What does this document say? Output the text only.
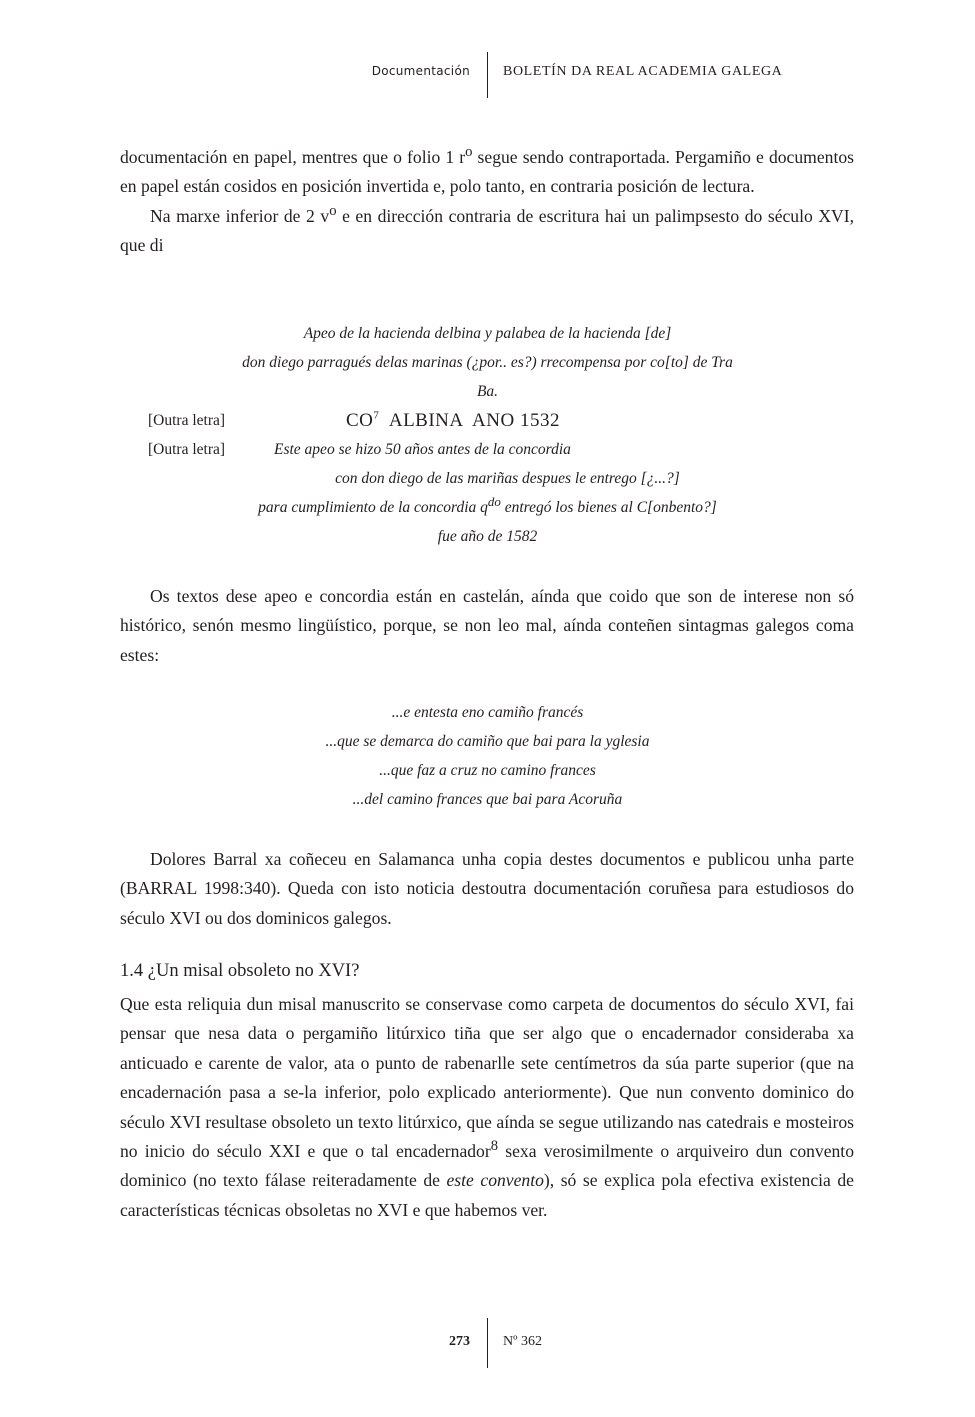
Documentación BOLETÍN DA REAL ACADEMIA GALEGA

documentación en papel, mentres que o folio 1 $r^o$ segue sendo contraportada. Pergamiño e documentos en papel están cosidos en posición invertida e, polo tanto, en contraria posición de lectura.

Na marxe inferior de 2 $v^o$ e en dirección contraria de escritura hai un palimpsesto do século XVI, que di

Apeo de la hacienda delbina y palabea de la hacienda [de]
don diego parragués delas marinas (¿por.. es?) rrecompensa por co[to] de Tra
Ba.
[Outra letra]	$CO^7$  ALBINA  ANO 1532
[Outra letra]	Este apeo se hizo 50 años antes de la concordia
con don diego de las mariñas despues le entrego [¿...?]
para cumplimiento de la concordia $q^{do}$ entregó los bienes al C[onbento?]
fue año de 1582

Os textos dese apeo e concordia están en castelán, aínda que coido que son de interese non só histórico, senón mesmo lingüístico, porque, se non leo mal, aínda conteñen sintagmas galegos coma estes:

...e entesta eno camiño francés
...que se demarca do camiño que bai para la yglesia
...que faz a cruz no camino frances
...del camino frances que bai para Acoruña

Dolores Barral xa coñeceu en Salamanca unha copia destes documentos e publicou unha parte (BARRAL 1998:340). Queda con isto noticia destoutra documentación coruñesa para estudiosos do século XVI ou dos dominicos galegos.

1.4 ¿Un misal obsoleto no XVI?

Que esta reliquia dun misal manuscrito se conservase como carpeta de documentos do século XVI, fai pensar que nesa data o pergamiño litúrxico tiña que ser algo que o encadernador consideraba xa anticuado e carente de valor, ata o punto de rabenarlle sete centímetros da súa parte superior (que na encadernación pasa a se-la inferior, polo explicado anteriormente). Que nun convento dominico do século XVI resultase obsoleto un texto litúrxico, que aínda se segue utilizando nas catedrais e mosteiros no inicio do século XXI e que o tal encadernador$^8$ sexa verosimilmente o arquiveiro dun convento dominico (no texto fálase reiteradamente de este convento), só se explica pola efectiva existencia de características técnicas obsoletas no XVI e que habemos ver.

273 Nº 362
